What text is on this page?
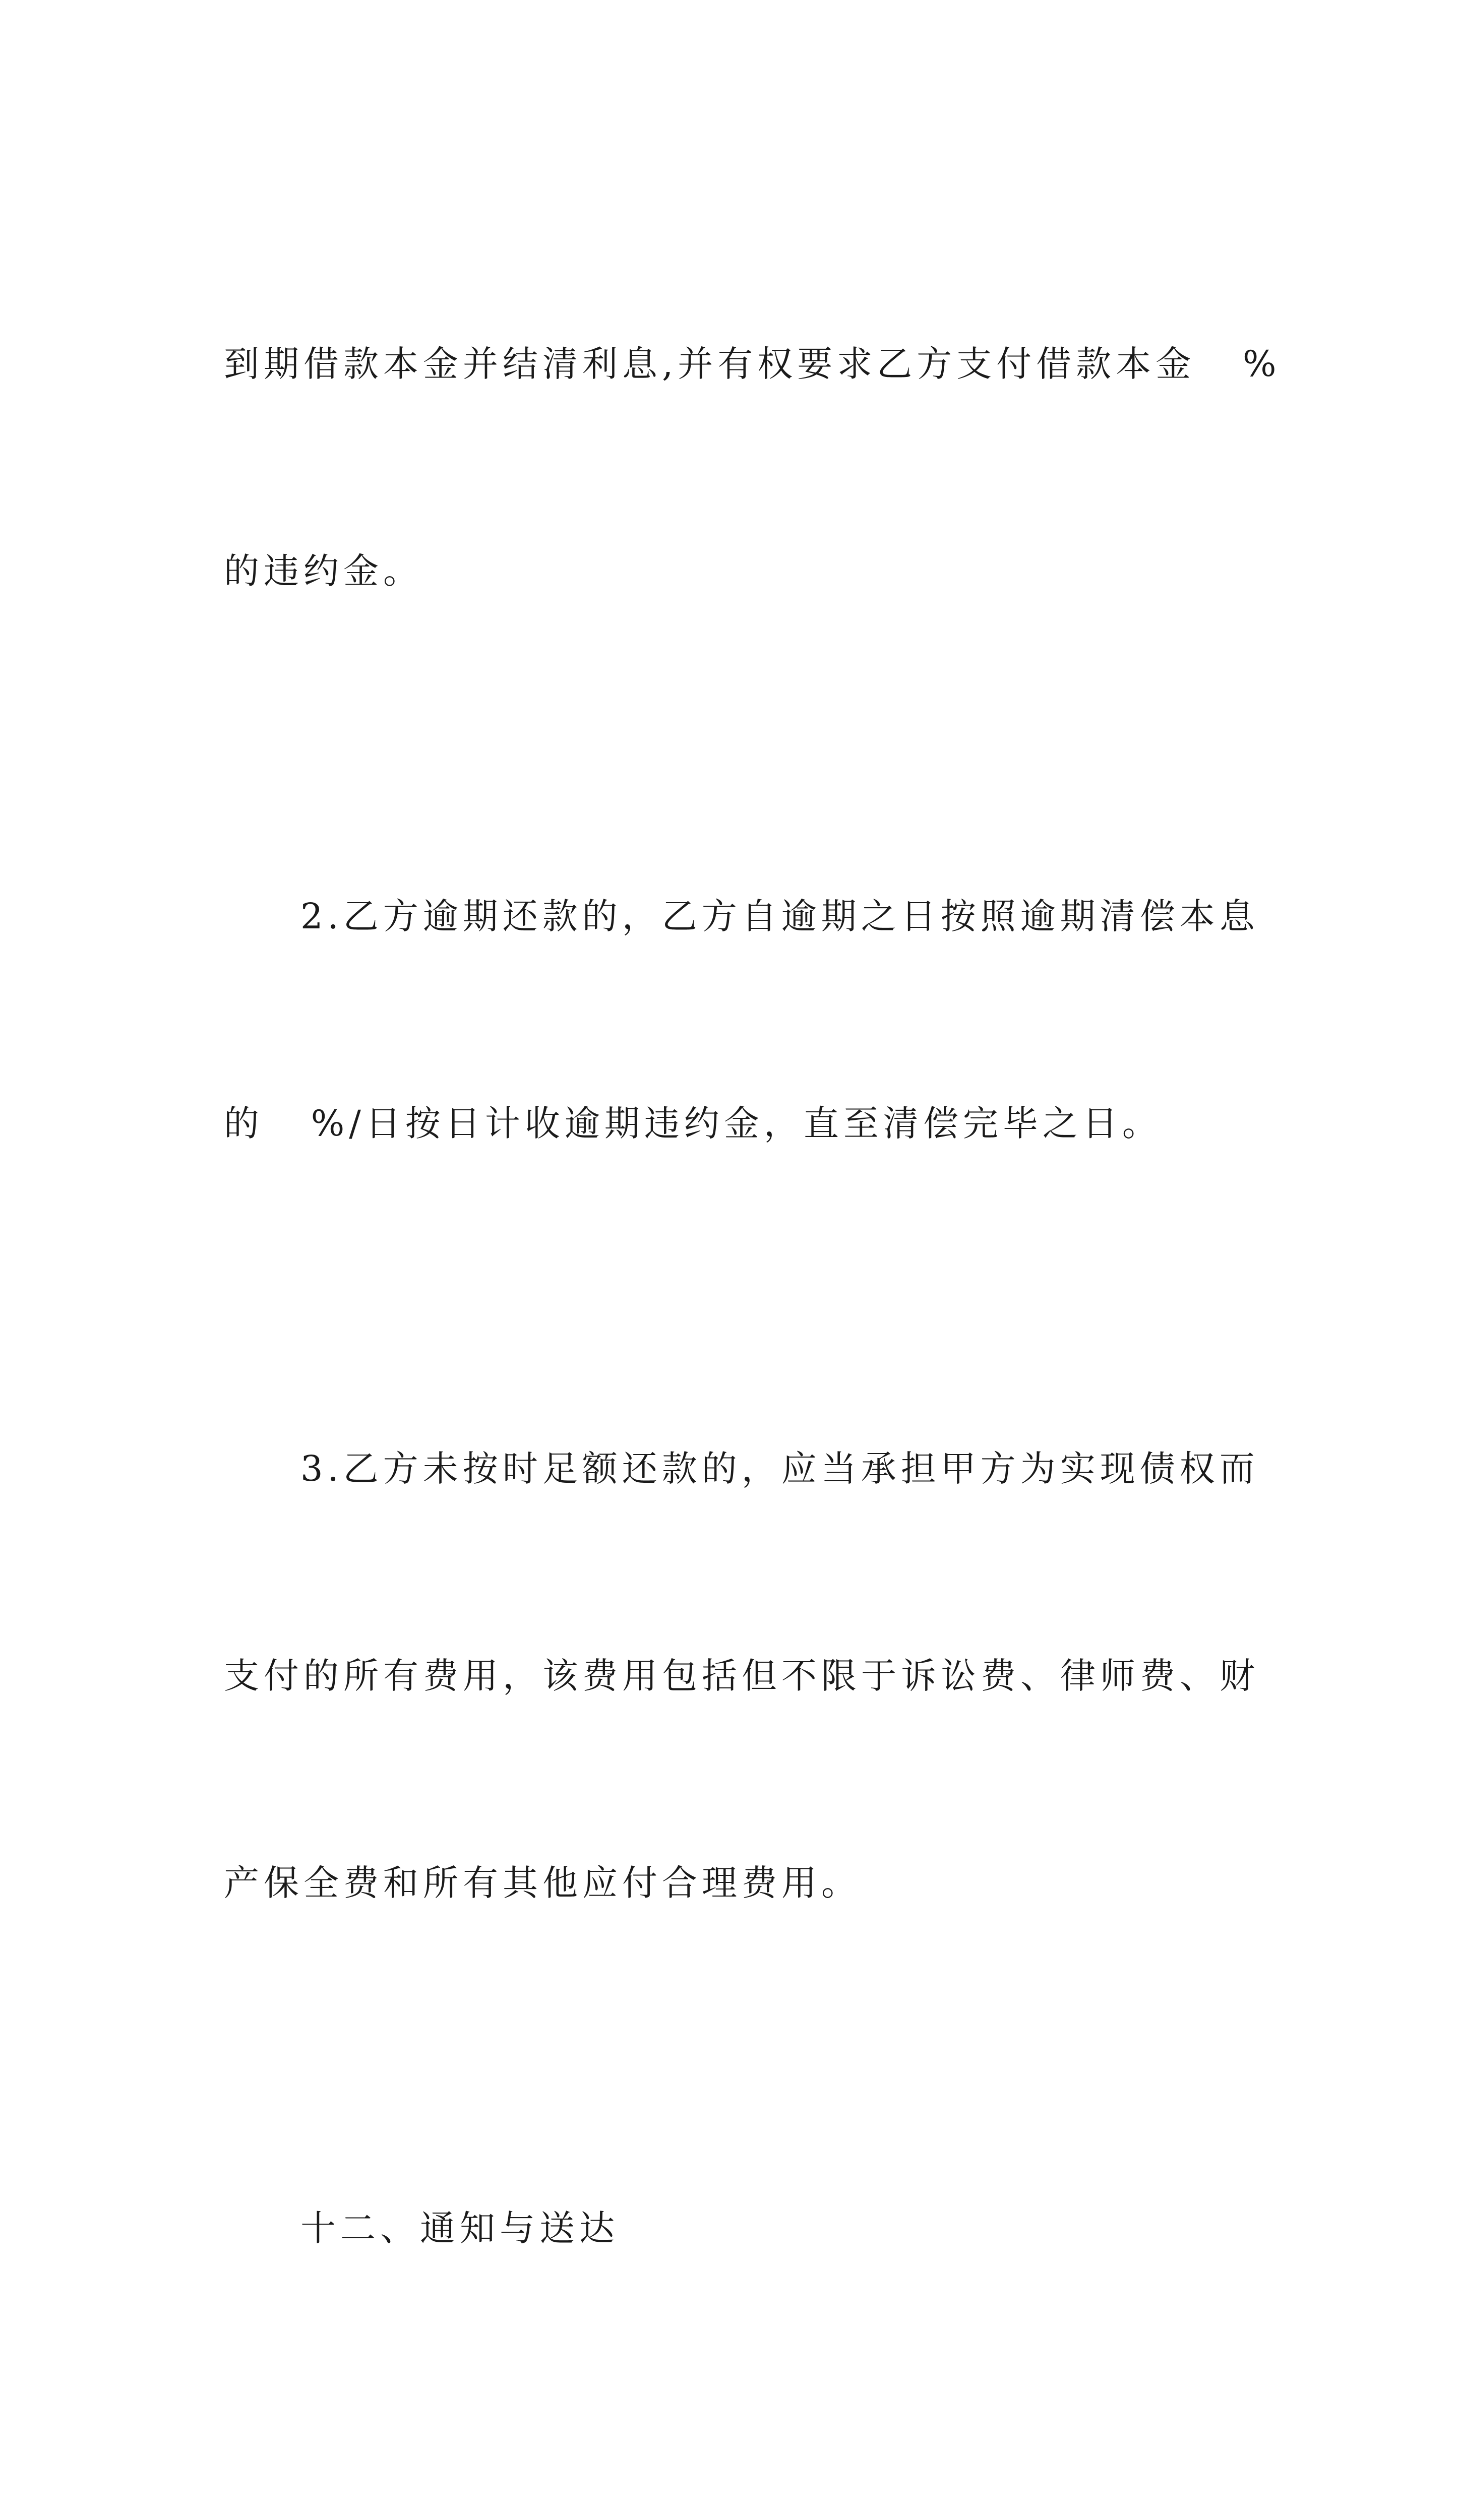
到期借款本金并结清利息,并有权要求乙方支付借款本金   %

的违约金。

2.乙方逾期还款的，乙方自逾期之日按照逾期清偿本息

的   %/日按日计收逾期违约金，直至清偿完毕之日。

3.乙方未按时足额还款的，应当承担甲方为实现债权而

支付的所有费用，该费用包括但不限于诉讼费、律师费、财

产保全费和所有其他应付合理费用。

十二、通知与送达
